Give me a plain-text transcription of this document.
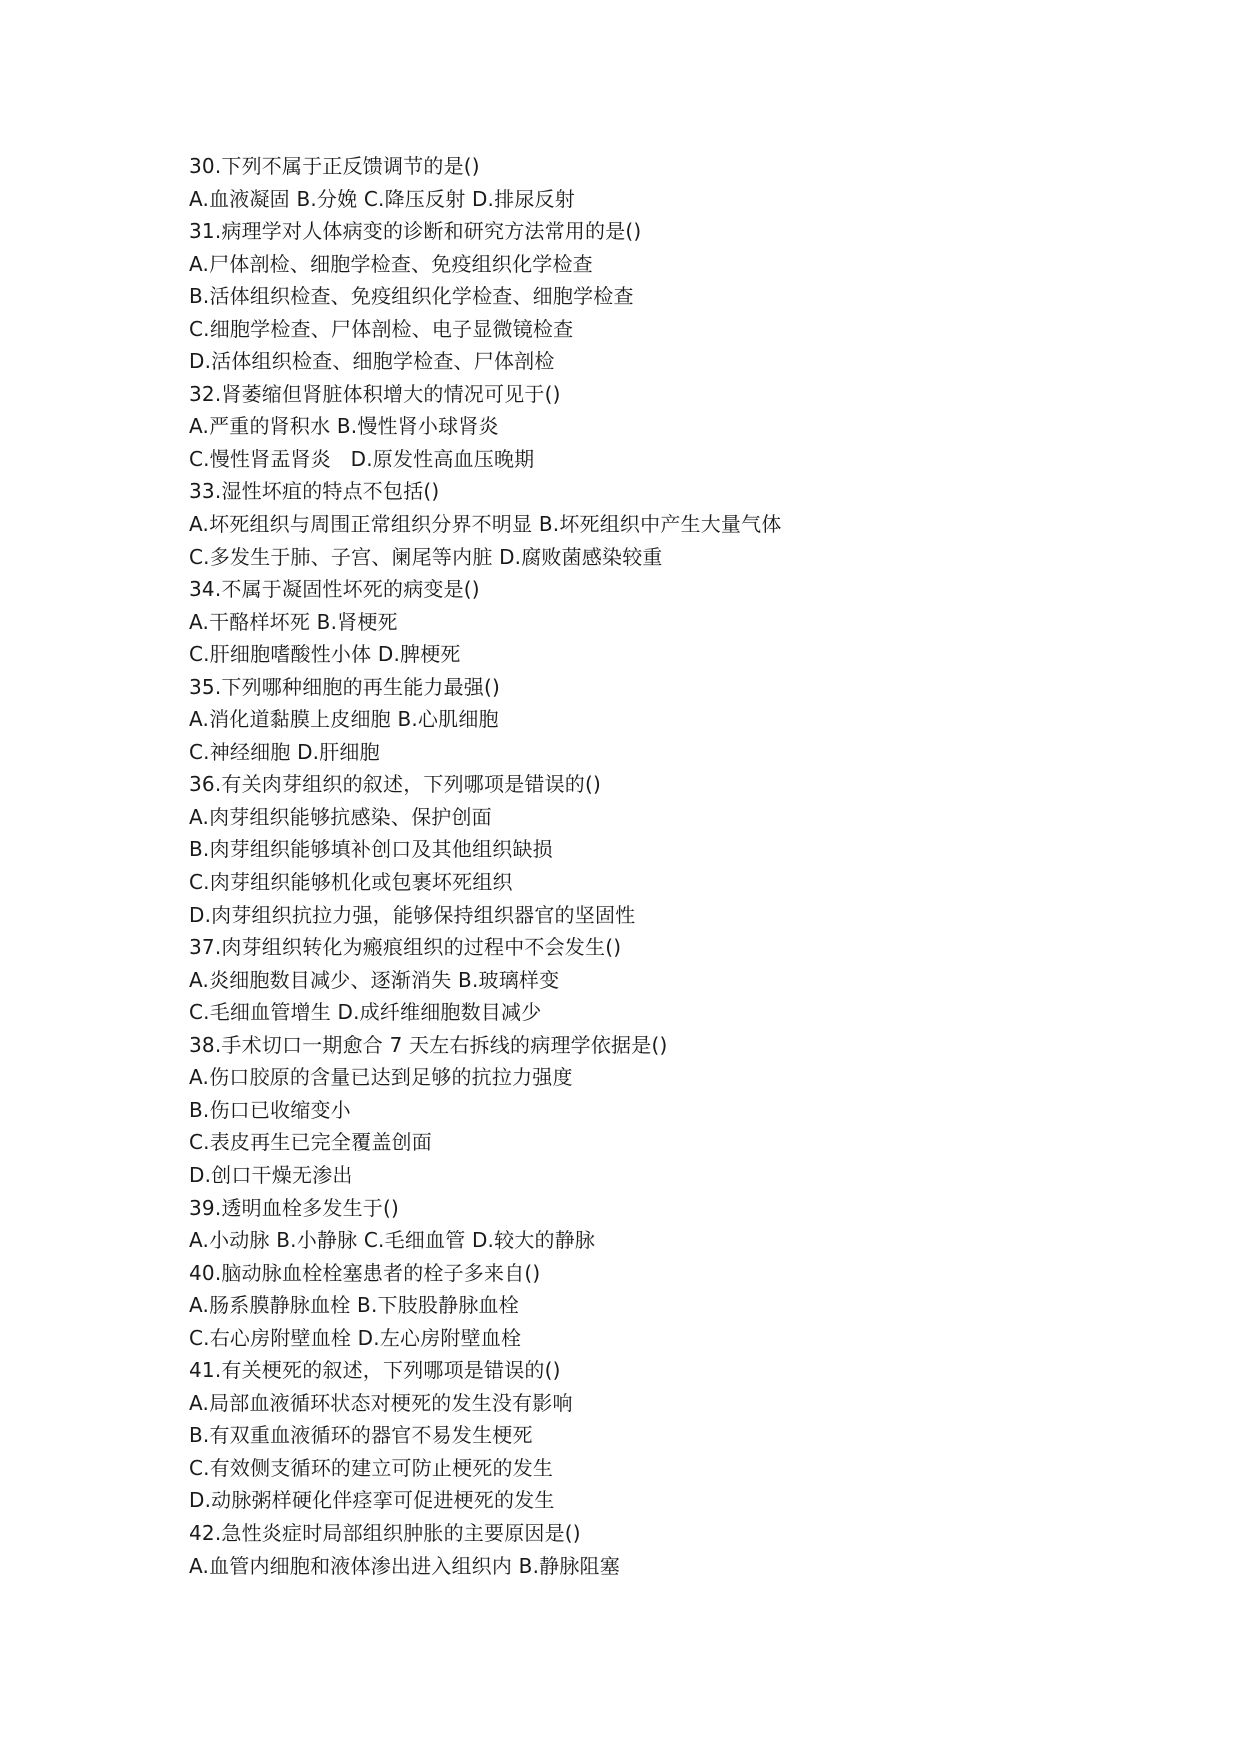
30.下列不属于正反馈调节的是()
A.血液凝固 B.分娩 C.降压反射 D.排尿反射
31.病理学对人体病变的诊断和研究方法常用的是()
A.尸体剖检、细胞学检查、免疫组织化学检查
B.活体组织检查、免疫组织化学检查、细胞学检查
C.细胞学检查、尸体剖检、电子显微镜检查
D.活体组织检查、细胞学检查、尸体剖检
32.肾萎缩但肾脏体积增大的情况可见于()
A.严重的肾积水 B.慢性肾小球肾炎
C.慢性肾盂肾炎   D.原发性高血压晚期
33.湿性坏疽的特点不包括()
A.坏死组织与周围正常组织分界不明显 B.坏死组织中产生大量气体
C.多发生于肺、子宫、阑尾等内脏 D.腐败菌感染较重
34.不属于凝固性坏死的病变是()
A.干酪样坏死 B.肾梗死
C.肝细胞嗜酸性小体 D.脾梗死
35.下列哪种细胞的再生能力最强()
A.消化道黏膜上皮细胞 B.心肌细胞
C.神经细胞 D.肝细胞
36.有关肉芽组织的叙述，下列哪项是错误的()
A.肉芽组织能够抗感染、保护创面
B.肉芽组织能够填补创口及其他组织缺损
C.肉芽组织能够机化或包裹坏死组织
D.肉芽组织抗拉力强，能够保持组织器官的坚固性
37.肉芽组织转化为瘢痕组织的过程中不会发生()
A.炎细胞数目减少、逐渐消失 B.玻璃样变
C.毛细血管增生 D.成纤维细胞数目减少
38.手术切口一期愈合 7 天左右拆线的病理学依据是()
A.伤口胶原的含量已达到足够的抗拉力强度
B.伤口已收缩变小
C.表皮再生已完全覆盖创面
D.创口干燥无渗出
39.透明血栓多发生于()
A.小动脉 B.小静脉 C.毛细血管 D.较大的静脉
40.脑动脉血栓栓塞患者的栓子多来自()
A.肠系膜静脉血栓 B.下肢股静脉血栓
C.右心房附壁血栓 D.左心房附壁血栓
41.有关梗死的叙述，下列哪项是错误的()
A.局部血液循环状态对梗死的发生没有影响
B.有双重血液循环的器官不易发生梗死
C.有效侧支循环的建立可防止梗死的发生
D.动脉粥样硬化伴痉挛可促进梗死的发生
42.急性炎症时局部组织肿胀的主要原因是()
A.血管内细胞和液体渗出进入组织内 B.静脉阻塞
